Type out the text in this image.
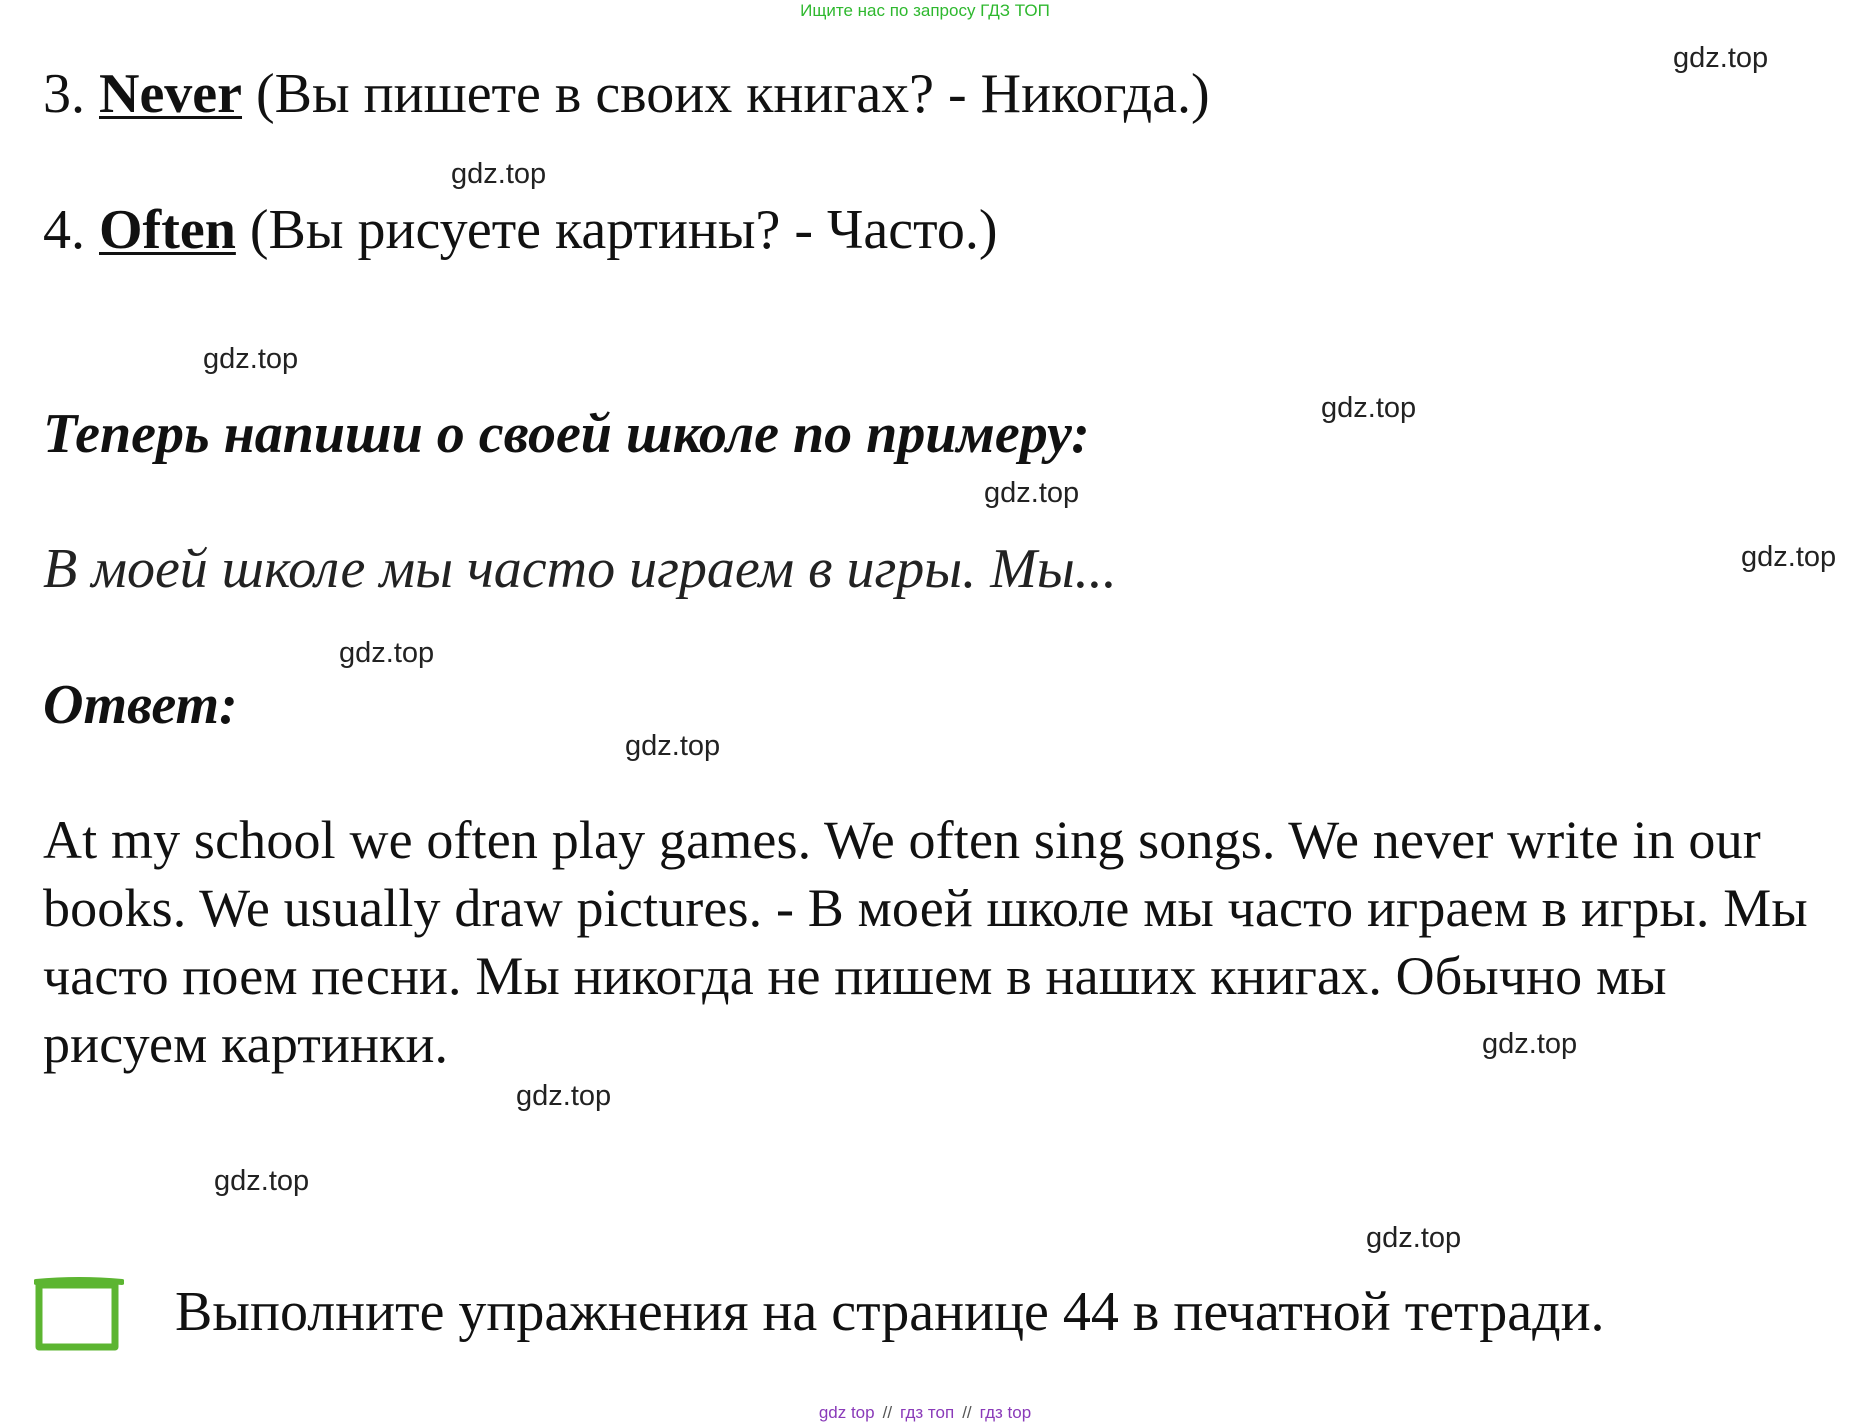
Ищите нас по запросу ГДЗ ТОП
gdz.top
gdz.top
gdz.top
gdz.top
gdz.top
gdz.top
gdz.top
gdz.top
gdz.top
gdz.top
gdz.top
gdz.top
3. Never (Вы пишете в своих книгах? - Никогда.)
4. Often (Вы рисуете картины? - Часто.)
Теперь напиши о своей школе по примеру:
В моей школе мы часто играем в игры. Мы...
Ответ:
At my school we often play games. We often sing songs. We never write in our books. We usually draw pictures. - В моей школе мы часто играем в игры. Мы часто поем песни. Мы никогда не пишем в наших книгах. Обычно мы рисуем картинки.
Выполните упражнения на странице 44 в печатной тетради.
gdz top // гдз топ // гдз top
